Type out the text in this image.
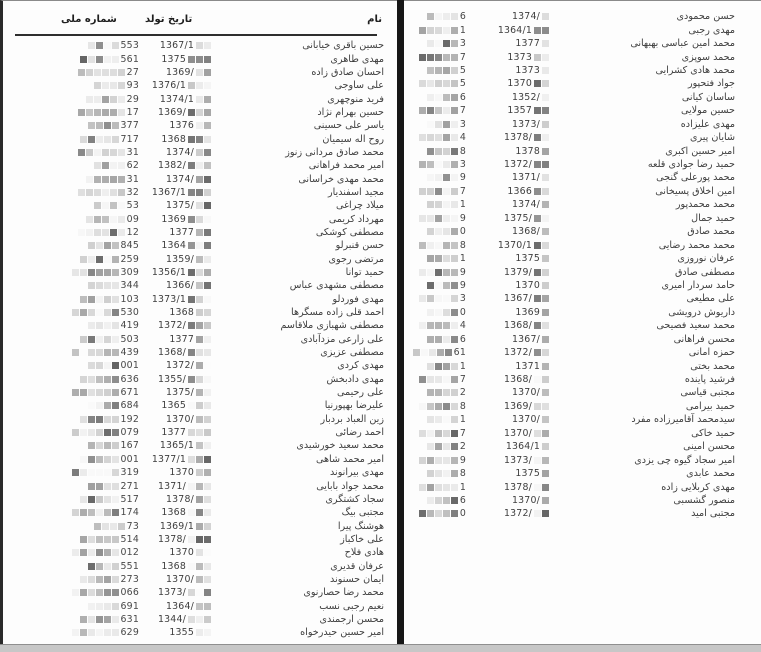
شماره ملی	تاریخ تولد	نام
553 1367/1	حسین باقری خیابانی
561 1375	مهدی طاهری
27	1369/	احسان صادق زاده
93 1376/1	علی ساوجی
29 1374/1	فرید منوچهری
17 1369/	حسین بهرام نژاد
377	1376	یاسر علی حسینی
717 1368	روح اله سیمیان
31	1374/	محمد صادق مردانی زنوز
62 1382/	امیر محمد فراهانی
31	1374/	محمد مهدی خراسانی
32 1367/1	مجید اسفندیار
53	1375/	میلاد چراغی
09 1369	مهرداد کریمی
12	1377	مصطفی کوشکی
845 1364	حسن قنبرلو
259	1359/	مرتضی رجوی
309 1356/1	حمید توانا
344	1366/	مصطفی مشهدی عباس
103 1373/1	مهدی فوردلو
530	1368	احمد قلی زاده مسگرها
419 1372/	مصطفی شهبازی ملاقاسم
503	1377	علی زارعی مزدآبادی
439 1368/	مصطفی عزیزی
001	1372/	مهدی کردی
636 1355/	مهدی دادبخش
671	1375/	علی رحیمی
684 1365	علیرضا بهپورنیا
192	1370/	زین العباد بردبار
079 1377	احمد رضائی
167 1365/1	محمد سعید خورشیدی
001 1377/1	امیر محمد شاهی
319	1370	مهدی بیرانوند
271 1371/	محمد جواد بابایی
517	1378/	سجاد کشتگری
174 1368	مجتبی بیگ
73 1369/1	هوشنگ پیرا
514 1378/	علی خاکباز
012	1370	هادی فلاح
551 1368	عرفان قدیری
273	1370/	ایمان حسنوند
066 1373/	محمد رضا حصارنوی
691	1364/	نعیم رجبی نسب
631 1344/	محسن ارجمندی
629	1355	امیر حسین حیدرخواه
6	1374/	حسن محمودی
1	1364/1	مهدی رجبی
3	1377	محمد امین عباسی بهبهانی
7	1373	محمد سوپزی
5	1373	محمد هادی کشرایی
5	1370	جواد فتحپور
6	1352/	ساسان کیانی
7	1357	حسین مولایی
3	1373/	مهدی علیزاده
4	1378/	شایان پیری
8	1378	امیر حسین اکبری
3	1372/	حمید رضا جوادی قلعه
9	1371/	محمد پورعلی گنجی
7	1366	امین اخلاق پسیخانی
1	1374/	محمد محمدپور
9	1375/	حمید جمال
0	1368/	محمد صادق
8	1370/1	محمد محمد رضایی
1	1375	عرفان نوروزی
9	1379/	مصطفی صادق
9	1370	حامد سردار امیری
3	1367/	علی مطیعی
0	1369	داریوش درویشی
4	1368/	محمد سعید فصیحی
6	1367/	محسن فراهانی
61	1372/	حمزه امانی
1	1371	محمد بختی
7	1368/	فرشید پاینده
2	1370/	مجتبی قیاسی
8	1369/	حمید بیرامی
1	1370/	سیدمحمد آقامیرزاده مفرد
7	1370/	حمید خاکی
2	1364/1	محسن امینی
9	1373/	امیر سجاد گیوه چی یزدی
8	1375	محمد عابدی
1	1378/	مهدی کربلایی زاده
6	1370/	منصور گشسبی
0	1372/	مجتبی امید
